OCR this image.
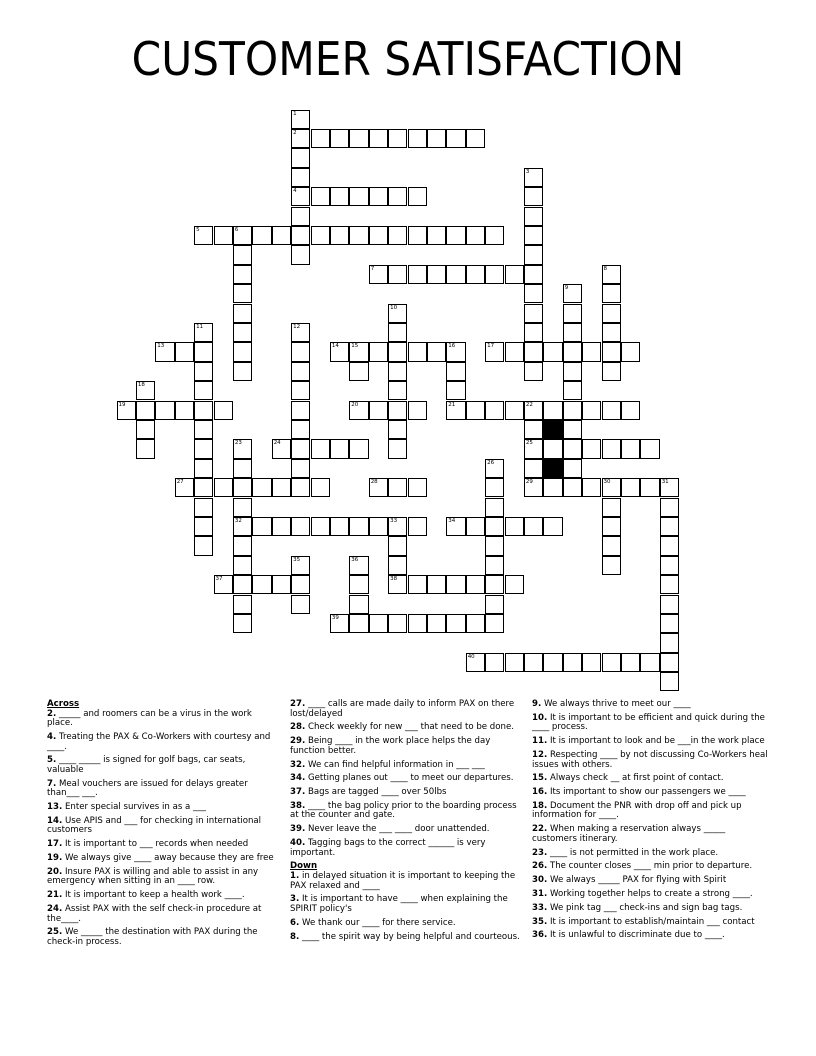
CUSTOMER SATISFACTION
1
2
4
3
5	6
7	8
9
10
11	12
13	14 15	16
21
17
18
19	20	22
25
29
23
32
24
26
27	28	30	31
33
38
34
35	36
37
39
40
Across
2. _____ and roomers can be a virus in the work place.
4. Treating the PAX & Co-Workers with courtesy and ____.
5. ____ _____ is signed for golf bags, car seats, valuable
7. Meal vouchers are issued for delays greater than___ ___.
13. Enter special survives in as a ___
14. Use APIS and ___ for checking in international customers
17. It is important to ___ records when needed
19. We always give ____ away because they are free
20. Insure PAX is willing and able to assist in any emergency when sitting in an ____ row.
21. It is important to keep a health work ____.
24. Assist PAX with the self check-in procedure at the____.
25. We _____ the destination with PAX during the check-in process.
27. ____ calls are made daily to inform PAX on there lost/delayed
28. Check weekly for new ___ that need to be done.
29. Being ____ in the work place helps the day function better.
32. We can find helpful information in ___ ___
34. Getting planes out ____ to meet our departures.
37. Bags are tagged ____ over 50lbs
38. ____ the bag policy prior to the boarding process at the counter and gate.
39. Never leave the ___ ____ door unattended.
40. Tagging bags to the correct ______ is very important.
Down
1. in delayed situation it is important to keeping the PAX relaxed and ____
3. It is important to have ____ when explaining the SPIRIT policy's
6. We thank our ____ for there service.
8. ____ the spirit way by being helpful and courteous.
9. We always thrive to meet our ____
10. It is important to be efficient and quick during the ____ process.
11. It is important to look and be ___in the work place
12. Respecting ____ by not discussing Co-Workers heal issues with others.
15. Always check __ at first point of contact.
16. Its important to show our passengers we ____
18. Document the PNR with drop off and pick up information for ____.
22. When making a reservation always _____ customers itinerary.
23. ____ is not permitted in the work place.
26. The counter closes ____ min prior to departure.
30. We always _____ PAX for flying with Spirit
31. Working together helps to create a strong ____.
33. We pink tag ___ check-ins and sign bag tags.
35. It is important to establish/maintain ___ contact
36. It is unlawful to discriminate due to ____.
